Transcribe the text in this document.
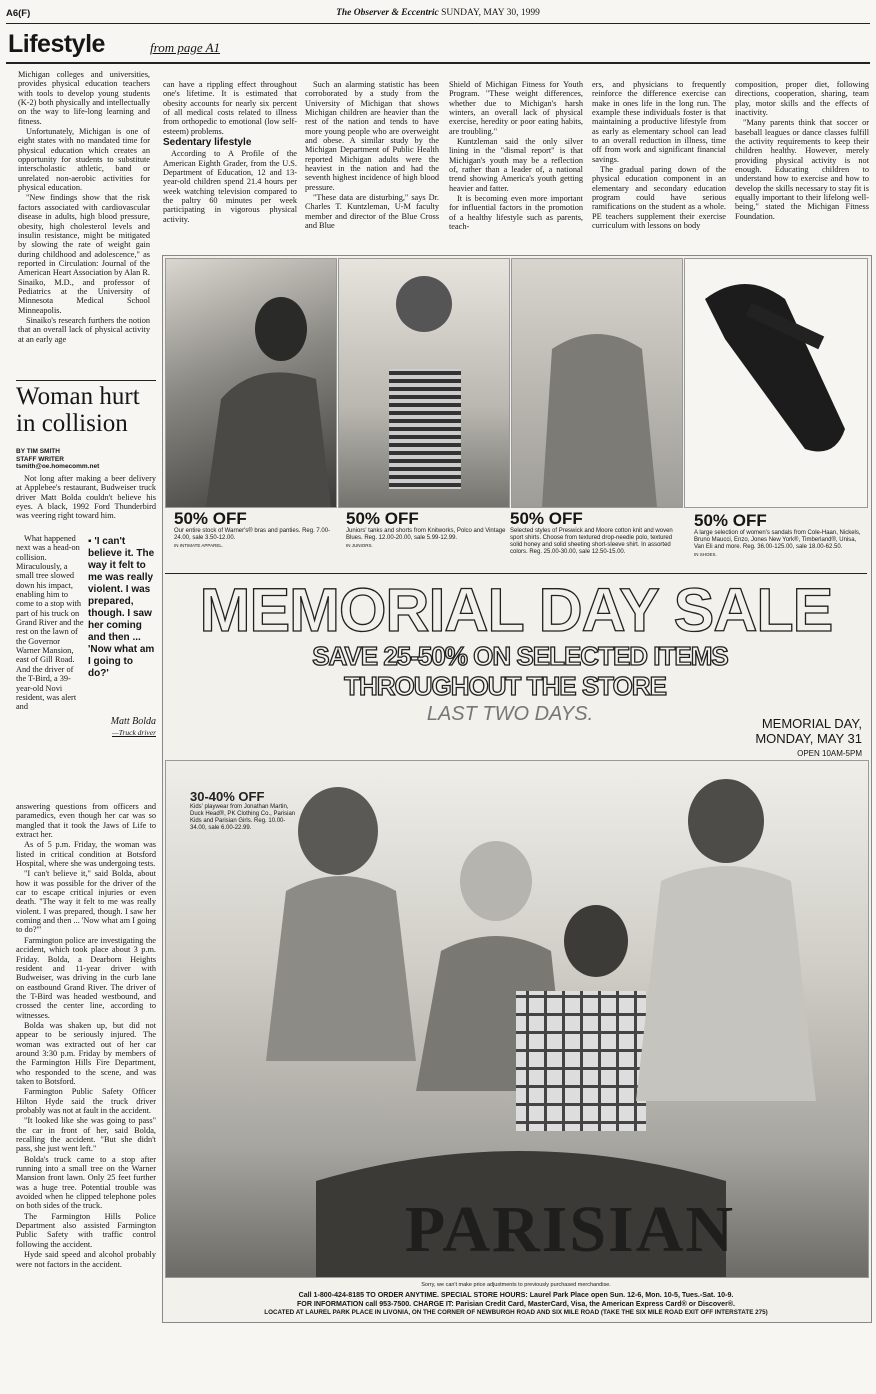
A6(F)	The Observer & Eccentric SUNDAY, MAY 30, 1999
Lifestyle	from page A1

Michigan colleges and universities, provides physical education teachers with tools to develop young students (K-2) both physically and intellectually on the way to life-long learning and fitness.

Unfortunately, Michigan is one of eight states with no mandated time for physical education which creates an opportunity for students to substitute interscholastic athletic, band or unrelated non-aerobic activities for physical education.

"New findings show that the risk factors associated with cardiovascular disease in adults, high blood pressure, obesity, high cholesterol levels and insulin resistance, might be mitigated by slowing the rate of weight gain during childhood and adolescence," as reported in Circulation: Journal of the American Heart Association by Alan R. Sinaiko, M.D., and professor of Pediatrics at the University of Minnesota Medical School Minneapolis.

Sinaiko's research furthers the notion that an overall lack of physical activity at an early age

can have a rippling effect throughout one's lifetime. It is estimated that obesity accounts for nearly six percent of all medical costs related to illness from orthopedic to emotional (low self-esteem) problems.

Sedentary lifestyle

According to A Profile of the American Eighth Grader, from the U.S. Department of Education, 12 and 13-year-old children spend 21.4 hours per week watching television compared to the paltry 60 minutes per week participating in vigorous physical activity.

Such an alarming statistic has been corroborated by a study from the University of Michigan that shows Michigan children are heavier than the rest of the nation and tends to have more young people who are overweight and obese. A similar study by the Michigan Department of Public Health reported Michigan adults were the heaviest in the nation and had the seventh highest incidence of high blood pressure.

"These data are disturbing," says Dr. Charles T. Kuntzleman, U-M faculty member and director of the Blue Cross and Blue

Shield of Michigan Fitness for Youth Program. "These weight differences, whether due to Michigan's harsh winters, an overall lack of physical exercise, heredity or poor eating habits, are troubling."

Kuntzleman said the only silver lining in the "dismal report" is that Michigan's youth may be a reflection of, rather than a leader of, a national trend showing America's youth getting heavier and fatter.

It is becoming even more important for influential factors in the promotion of a healthy lifestyle such as parents, teach-

ers, and physicians to frequently reinforce the difference exercise can make in ones life in the long run. The example these individuals foster is that maintaining a productive lifestyle from as early as elementary school can lead to an overall reduction in illness, time off from work and significant financial savings.

The gradual paring down of the physical education component in an elementary and secondary education program could have serious ramifications on the student as a whole. PE teachers supplement their exercise curriculum with lessons on body

composition, proper diet, following directions, cooperation, sharing, team play, motor skills and the effects of inactivity.

"Many parents think that soccer or baseball leagues or dance classes fulfill the activity requirements to keep their children healthy. However, merely providing physical activity is not enough. Educating children to understand how to exercise and how to develop the skills necessary to stay fit is equally important to their lifelong well-being," stated the Michigan Fitness Foundation.

Woman hurt in collision
BY TIM SMITH
STAFF WRITER
tsmith@oe.homecomm.net

Not long after making a beer delivery at Applebee's restaurant, Budweiser truck driver Matt Bolda couldn't believe his eyes. A black, 1992 Ford Thunderbird was veering right toward him.

What happened next was a head-on collision. Miraculously, a small tree slowed down his impact, enabling him to come to a stop with part of his truck on Grand River and the rest on the lawn of the Governor Warner Mansion, east of Gill Road. And the driver of the T-Bird, a 39-year-old Novi resident, was alert and

▪ 'I can't believe it. The way it felt to me was really violent. I was prepared, though. I saw her coming and then ... 'Now what am I going to do?'
Matt Bolda
—Truck driver

answering questions from officers and paramedics, even though her car was so mangled that it took the Jaws of Life to extract her.

As of 5 p.m. Friday, the woman was listed in critical condition at Botsford Hospital, where she was undergoing tests.

"I can't believe it," said Bolda, about how it was possible for the driver of the car to escape critical injuries or even death. "The way it felt to me was really violent. I was prepared, though. I saw her coming and then ... 'Now what am I going to do?'"

Farmington police are investigating the accident, which took place about 3 p.m. Friday. Bolda, a Dearborn Heights resident and 11-year driver with Budweiser, was driving in the curb lane on eastbound Grand River. The driver of the T-Bird was headed westbound, and crossed the center line, according to witnesses.

Bolda was shaken up, but did not appear to be seriously injured. The woman was extracted out of her car around 3:30 p.m. Friday by members of the Farmington Hills Fire Department, who responded to the scene, and was taken to Botsford.

Farmington Public Safety Officer Hilton Hyde said the truck driver probably was not at fault in the accident.

"It looked like she was going to pass" the car in front of her, said Bolda, recalling the accident. "But she didn't pass, she just went left."

Bolda's truck came to a stop after running into a small tree on the Warner Mansion front lawn. Only 25 feet further was a huge tree. Potential trouble was avoided when he clipped telephone poles on both sides of the truck.

The Farmington Hills Police Department also assisted Farmington Public Safety with traffic control following the accident.

Hyde said speed and alcohol probably were not factors in the accident.

50% OFF
Our entire stock of Warner's® bras and panties. Reg. 7.00-24.00, sale 3.50-12.00.
IN INTIMATE APPAREL.
50% OFF
Juniors' tanks and shorts from Knitworks, Polco and Vintage Blues. Reg. 12.00-20.00, sale 5.99-12.99.
IN JUNIORS.
50% OFF
Selected styles of Preswick and Moore cotton knit and woven sport shirts. Choose from textured drop-needle polo, textured solid honey and solid sheeting short-sleeve shirt. In assorted colors. Reg. 25.00-30.00, sale 12.50-15.00.
50% OFF
A large selection of women's sandals from Cole-Haan, Nickels, Bruno Maucci, Enzo, Jones New York®, Timberland®, Unisa, Van Eli and more. Reg. 36.00-125.00, sale 18.00-62.50.
IN SHOES.
MEMORIAL DAY SALE
SAVE 25-50% ON SELECTED ITEMS
THROUGHOUT THE STORE
LAST TWO DAYS.	MEMORIAL DAY,
MONDAY, MAY 31
OPEN 10AM-5PM
30-40% OFF
Kids' playwear from Jonathan Martin, Duck Head®, PK Clothing Co., Parisian Kids and Parisian Girls. Reg. 10.00-34.00, sale 6.00-22.99.
PARISIAN
Sorry, we can't make price adjustments to previously purchased merchandise.
Call 1-800-424-8185 TO ORDER ANYTIME. SPECIAL STORE HOURS: Laurel Park Place open Sun. 12-6, Mon. 10-5, Tues.-Sat. 10-9.
FOR INFORMATION call 953-7500. CHARGE IT: Parisian Credit Card, MasterCard, Visa, the American Express Card® or Discover®.
LOCATED AT LAUREL PARK PLACE IN LIVONIA, ON THE CORNER OF NEWBURGH ROAD AND SIX MILE ROAD (TAKE THE SIX MILE ROAD EXIT OFF INTERSTATE 275)
